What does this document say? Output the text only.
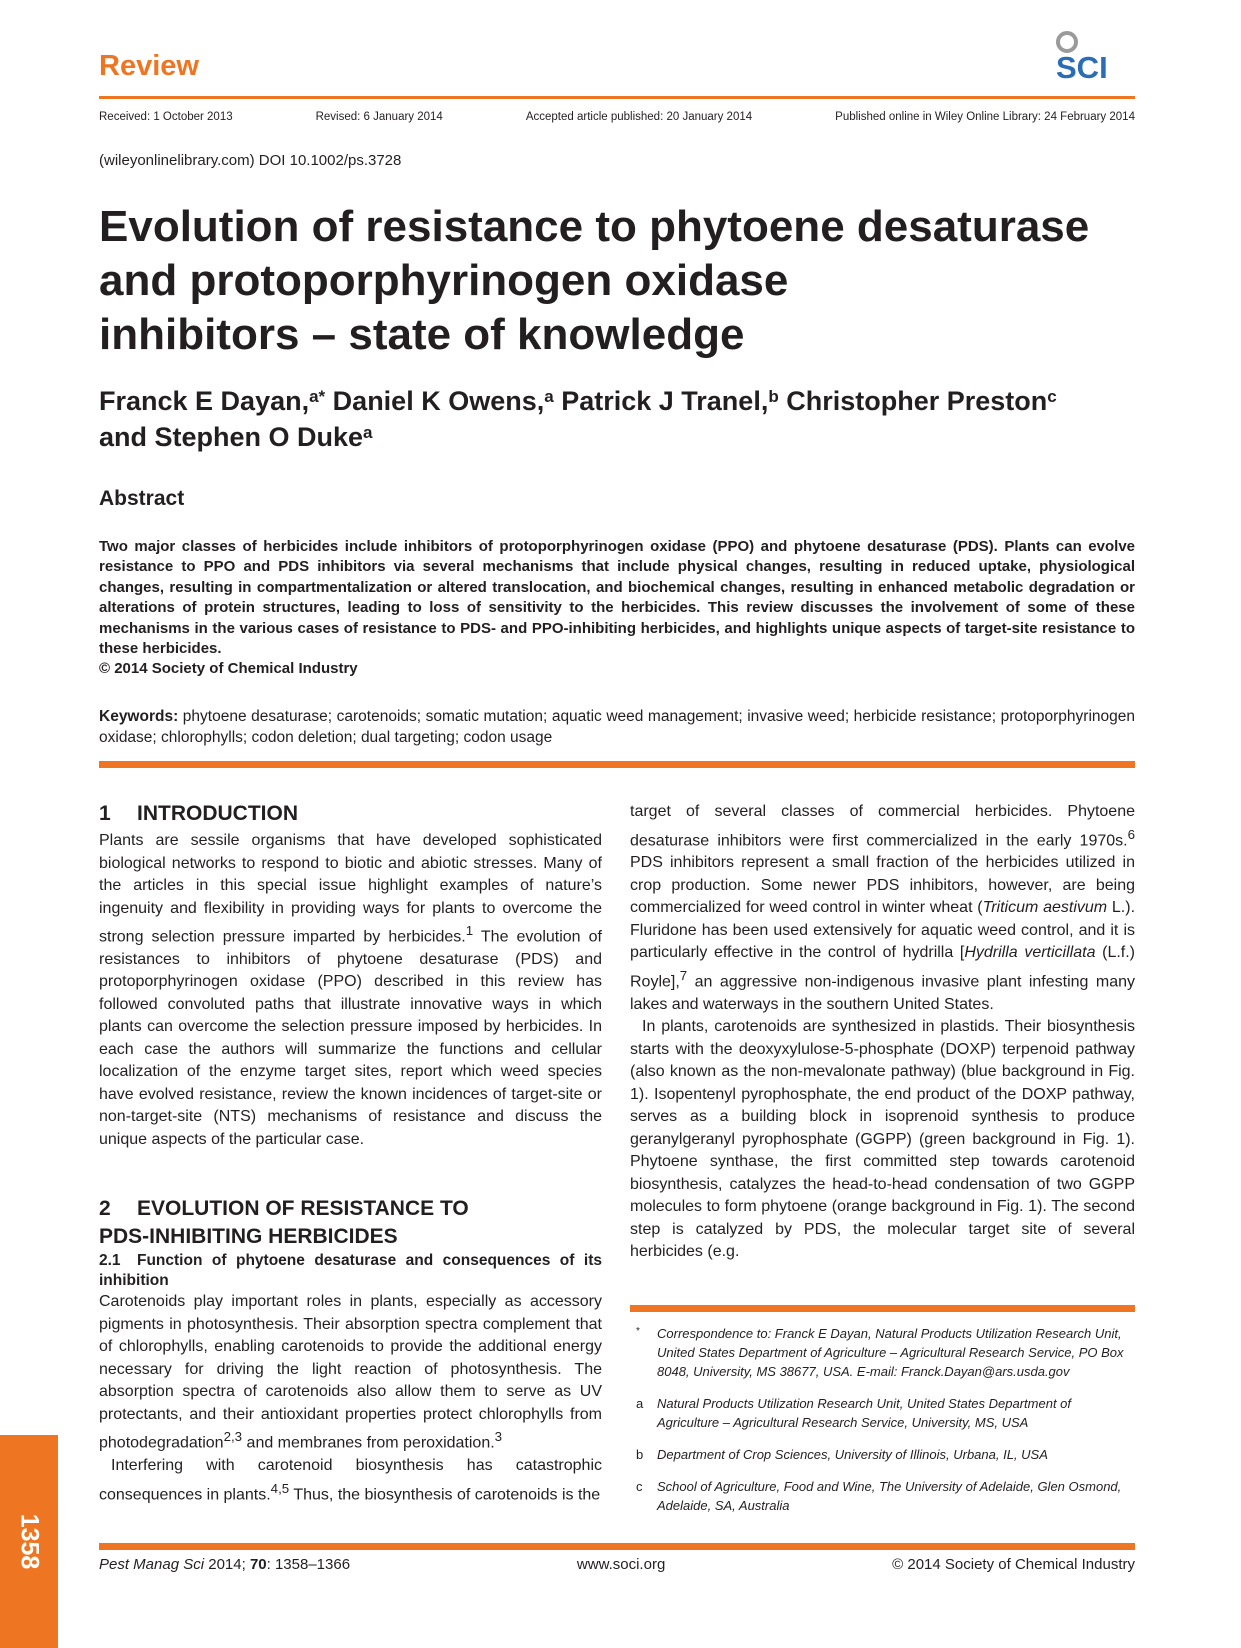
Review	SCI
Received: 1 October 2013	Revised: 6 January 2014	Accepted article published: 20 January 2014	Published online in Wiley Online Library: 24 February 2014
(wileyonlinelibrary.com) DOI 10.1002/ps.3728
Evolution of resistance to phytoene desaturase
and protoporphyrinogen oxidase
inhibitors – state of knowledge
Franck E Dayan,$^{a*}$ Daniel K Owens,$^a$ Patrick J Tranel,$^b$ Christopher Preston$^c$
and Stephen O Duke$^a$
Abstract
Two major classes of herbicides include inhibitors of protoporphyrinogen oxidase (PPO) and phytoene desaturase (PDS). Plants can evolve resistance to PPO and PDS inhibitors via several mechanisms that include physical changes, resulting in reduced uptake, physiological changes, resulting in compartmentalization or altered translocation, and biochemical changes, resulting in enhanced metabolic degradation or alterations of protein structures, leading to loss of sensitivity to the herbicides. This review discusses the involvement of some of these mechanisms in the various cases of resistance to PDS- and PPO-inhibiting herbicides, and highlights unique aspects of target-site resistance to these herbicides.
© 2014 Society of Chemical Industry
Keywords: phytoene desaturase; carotenoids; somatic mutation; aquatic weed management; invasive weed; herbicide resistance; protoporphyrinogen oxidase; chlorophylls; codon deletion; dual targeting; codon usage
1 INTRODUCTION

Plants are sessile organisms that have developed sophisticated biological networks to respond to biotic and abiotic stresses. Many of the articles in this special issue highlight examples of nature’s ingenuity and flexibility in providing ways for plants to overcome the strong selection pressure imparted by herbicides.$^1$ The evolution of resistances to inhibitors of phytoene desaturase (PDS) and protoporphyrinogen oxidase (PPO) described in this review has followed convoluted paths that illustrate innovative ways in which plants can overcome the selection pressure imposed by herbicides. In each case the authors will summarize the functions and cellular localization of the enzyme target sites, report which weed species have evolved resistance, review the known incidences of target-site or non-target-site (NTS) mechanisms of resistance and discuss the unique aspects of the particular case.

2 EVOLUTION OF RESISTANCE TO
PDS-INHIBITING HERBICIDES
2.1 Function of phytoene desaturase and consequences of its inhibition

Carotenoids play important roles in plants, especially as accessory pigments in photosynthesis. Their absorption spectra complement that of chlorophylls, enabling carotenoids to provide the additional energy necessary for driving the light reaction of photosynthesis. The absorption spectra of carotenoids also allow them to serve as UV protectants, and their antioxidant properties protect chlorophylls from photodegradation$^{2,3}$ and membranes from peroxidation.$^3$

Interfering with carotenoid biosynthesis has catastrophic consequences in plants.$^{4,5}$ Thus, the biosynthesis of carotenoids is the

target of several classes of commercial herbicides. Phytoene desaturase inhibitors were first commercialized in the early 1970s.$^6$ PDS inhibitors represent a small fraction of the herbicides utilized in crop production. Some newer PDS inhibitors, however, are being commercialized for weed control in winter wheat (Triticum aestivum L.). Fluridone has been used extensively for aquatic weed control, and it is particularly effective in the control of hydrilla [Hydrilla verticillata (L.f.) Royle],$^7$ an aggressive non-indigenous invasive plant infesting many lakes and waterways in the southern United States.

In plants, carotenoids are synthesized in plastids. Their biosynthesis starts with the deoxyxylulose-5-phosphate (DOXP) terpenoid pathway (also known as the non-mevalonate pathway) (blue background in Fig. 1). Isopentenyl pyrophosphate, the end product of the DOXP pathway, serves as a building block in isoprenoid synthesis to produce geranylgeranyl pyrophosphate (GGPP) (green background in Fig. 1). Phytoene synthase, the first committed step towards carotenoid biosynthesis, catalyzes the head-to-head condensation of two GGPP molecules to form phytoene (orange background in Fig. 1). The second step is catalyzed by PDS, the molecular target site of several herbicides (e.g.

* Correspondence to: Franck E Dayan, Natural Products Utilization Research Unit, United States Department of Agriculture – Agricultural Research Service, PO Box 8048, University, MS 38677, USA. E-mail: Franck.Dayan@ars.usda.gov
a Natural Products Utilization Research Unit, United States Department of Agriculture – Agricultural Research Service, University, MS, USA
b Department of Crop Sciences, University of Illinois, Urbana, IL, USA
c School of Agriculture, Food and Wine, The University of Adelaide, Glen Osmond, Adelaide, SA, Australia
1358	Pest Manag Sci 2014; 70: 1358–1366	www.soci.org	© 2014 Society of Chemical Industry
